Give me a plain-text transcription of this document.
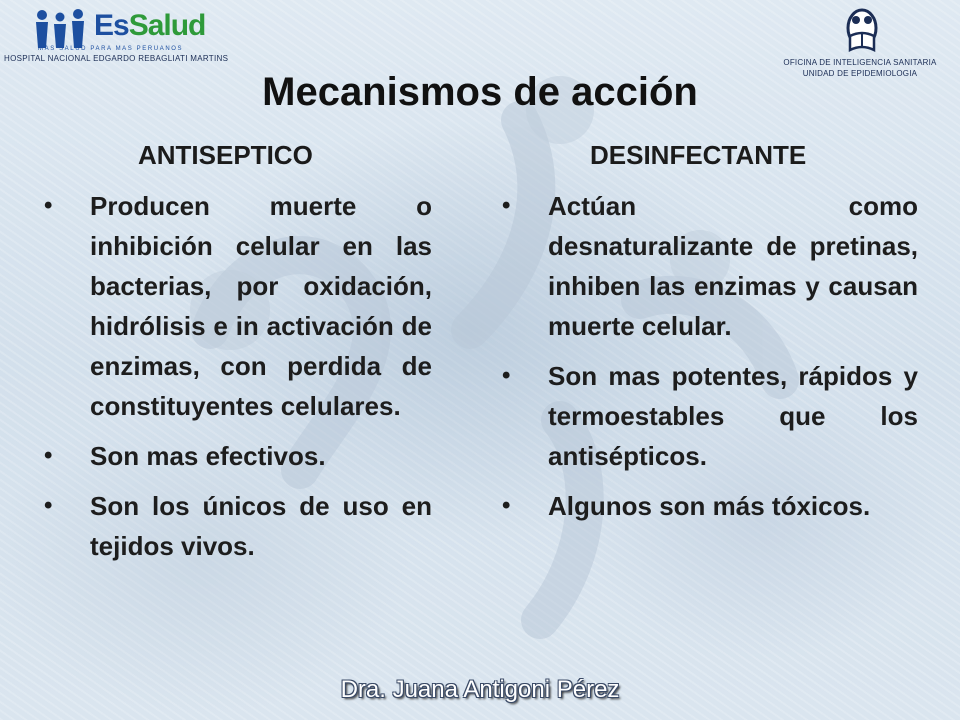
EsSalud
MAS SALUD PARA MAS PERUANOS
HOSPITAL NACIONAL EDGARDO REBAGLIATI MARTINS	OFICINA DE INTELIGENCIA SANITARIA
UNIDAD DE EPIDEMIOLOGIA
Mecanismos de acción
ANTISEPTICO
• Producen muerte o inhibición celular en las bacterias, por oxidación, hidrólisis e in activación de enzimas, con perdida de constituyentes celulares.
• Son mas efectivos.
• Son los únicos de uso en tejidos vivos.
DESINFECTANTE
• Actúan como desnaturalizante de pretinas, inhiben las enzimas y causan muerte celular.
• Son mas potentes, rápidos y termoestables que los antisépticos.
• Algunos son más tóxicos.
Dra. Juana Antigoni Pérez
